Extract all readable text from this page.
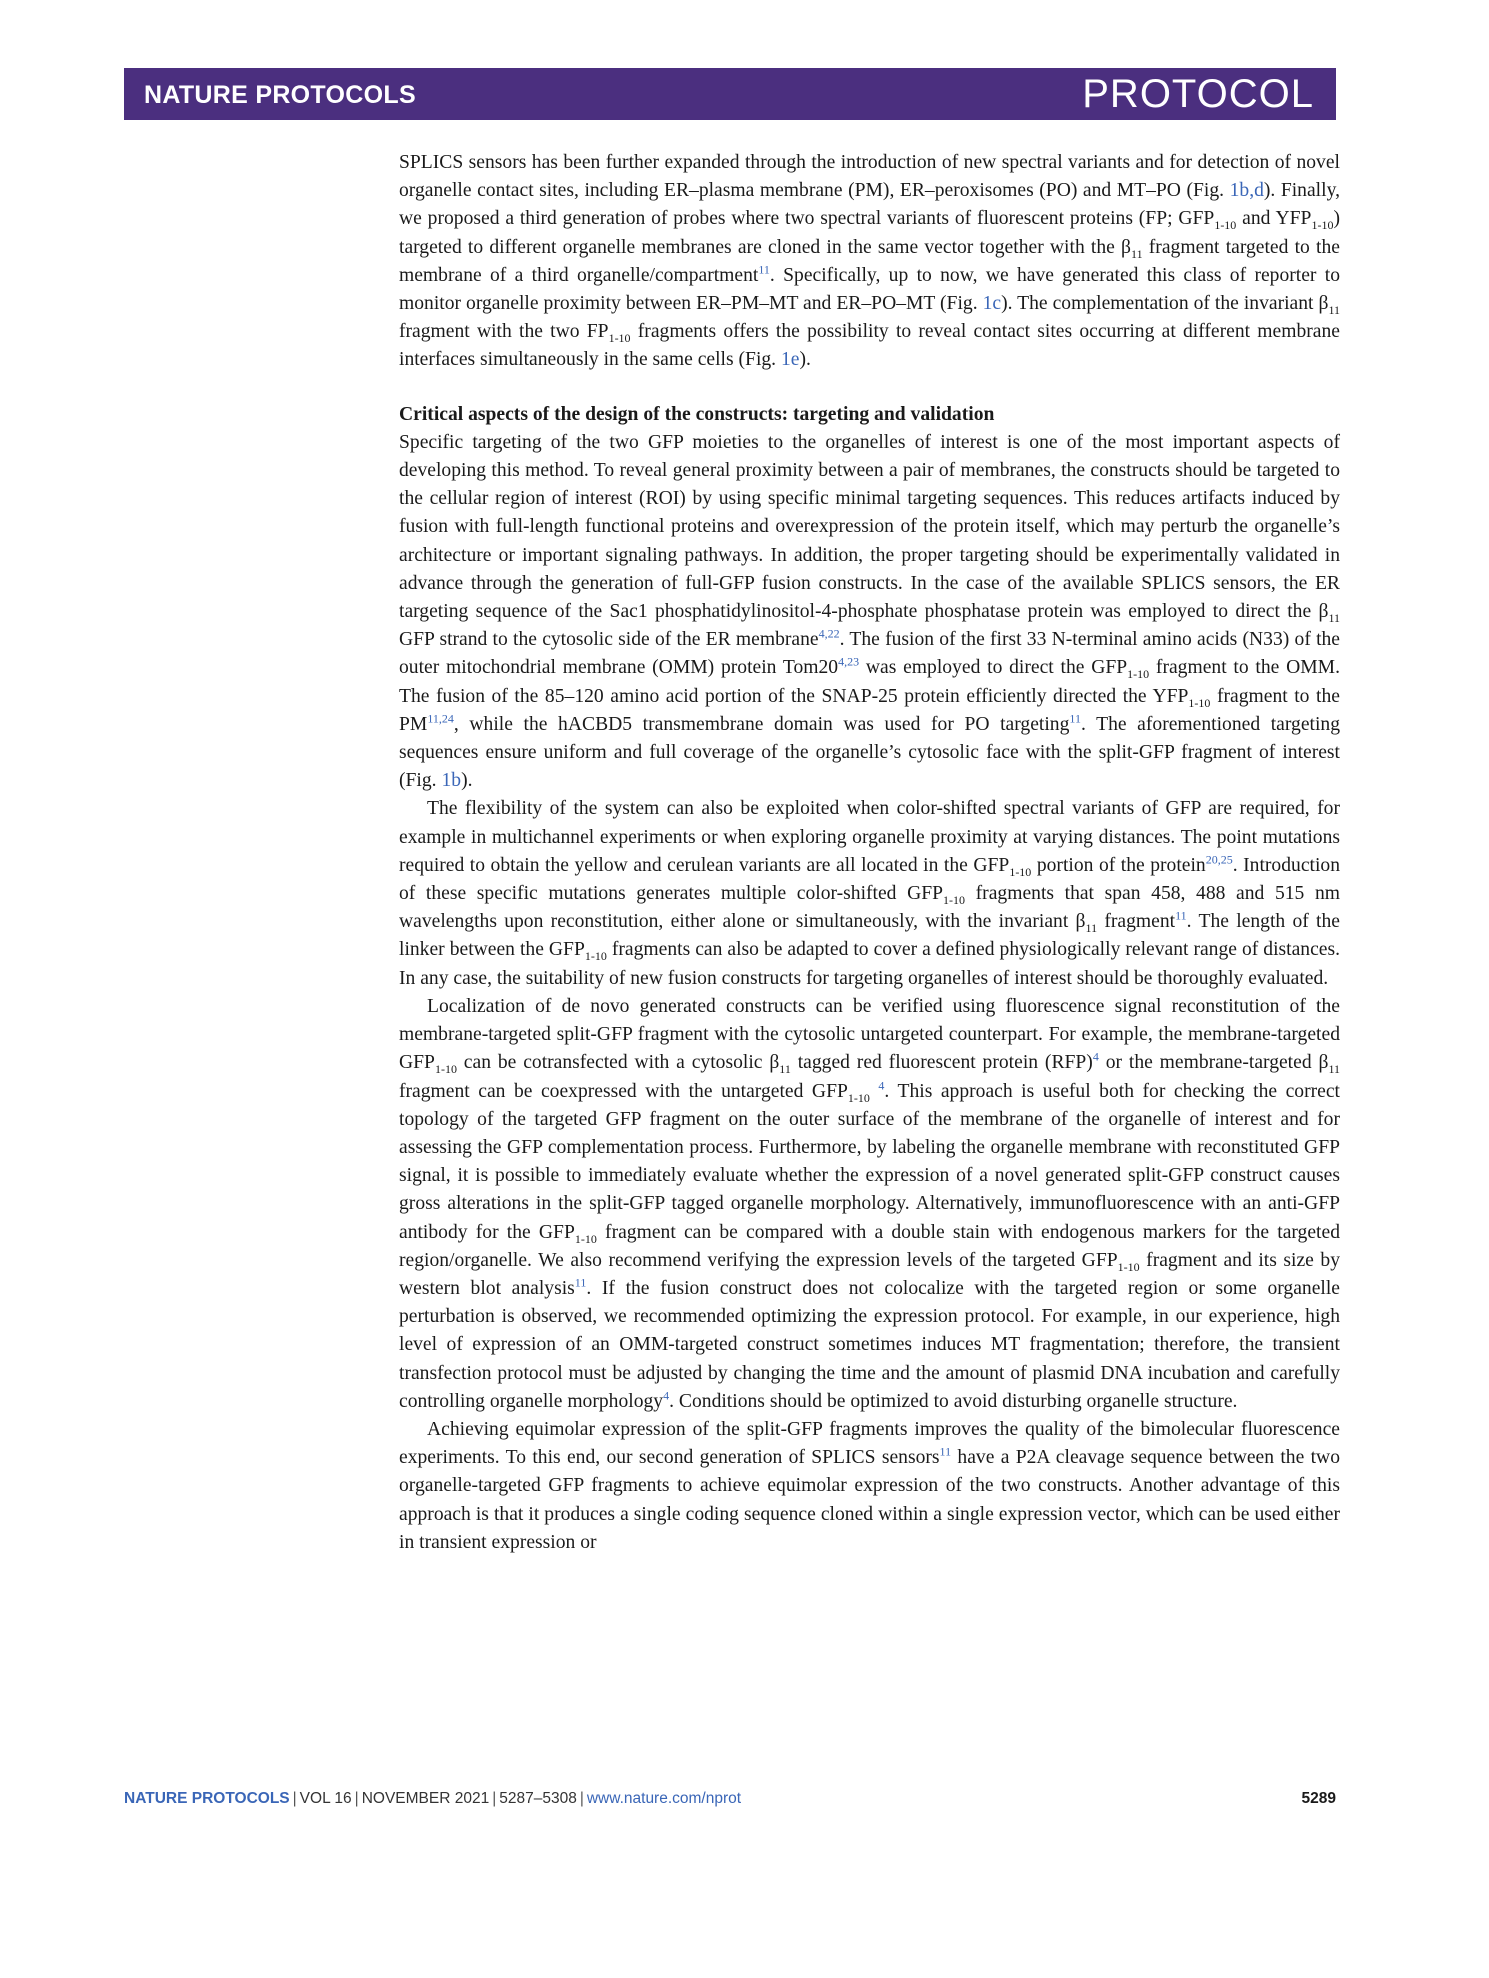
NATURE PROTOCOLS	PROTOCOL

SPLICS sensors has been further expanded through the introduction of new spectral variants and for detection of novel organelle contact sites, including ER–plasma membrane (PM), ER–peroxisomes (PO) and MT–PO (Fig. 1b,d). Finally, we proposed a third generation of probes where two spectral variants of fluorescent proteins (FP; $GFP_{1-10}$ and $YFP_{1-10}$) targeted to different organelle membranes are cloned in the same vector together with the $\beta_{11}$ fragment targeted to the membrane of a third organelle/compartment$^{11}$. Specifically, up to now, we have generated this class of reporter to monitor organelle proximity between ER–PM–MT and ER–PO–MT (Fig. 1c). The complementation of the invariant $\beta_{11}$ fragment with the two $FP_{1-10}$ fragments offers the possibility to reveal contact sites occurring at different membrane interfaces simultaneously in the same cells (Fig. 1e).

Critical aspects of the design of the constructs: targeting and validation

Specific targeting of the two GFP moieties to the organelles of interest is one of the most important aspects of developing this method. To reveal general proximity between a pair of membranes, the constructs should be targeted to the cellular region of interest (ROI) by using specific minimal targeting sequences. This reduces artifacts induced by fusion with full-length functional proteins and overexpression of the protein itself, which may perturb the organelle’s architecture or important signaling pathways. In addition, the proper targeting should be experimentally validated in advance through the generation of full-GFP fusion constructs. In the case of the available SPLICS sensors, the ER targeting sequence of the Sac1 phosphatidylinositol-4-phosphate phosphatase protein was employed to direct the $\beta_{11}$ GFP strand to the cytosolic side of the ER membrane$^{4,22}$. The fusion of the first 33 N-terminal amino acids (N33) of the outer mitochondrial membrane (OMM) protein Tom20$^{4,23}$ was employed to direct the $GFP_{1-10}$ fragment to the OMM. The fusion of the 85–120 amino acid portion of the SNAP-25 protein efficiently directed the $YFP_{1-10}$ fragment to the PM$^{11,24}$, while the hACBD5 transmembrane domain was used for PO targeting$^{11}$. The aforementioned targeting sequences ensure uniform and full coverage of the organelle’s cytosolic face with the split-GFP fragment of interest (Fig. 1b).

The flexibility of the system can also be exploited when color-shifted spectral variants of GFP are required, for example in multichannel experiments or when exploring organelle proximity at varying distances. The point mutations required to obtain the yellow and cerulean variants are all located in the $GFP_{1-10}$ portion of the protein$^{20,25}$. Introduction of these specific mutations generates multiple color-shifted $GFP_{1-10}$ fragments that span 458, 488 and 515 nm wavelengths upon reconstitution, either alone or simultaneously, with the invariant $\beta_{11}$ fragment$^{11}$. The length of the linker between the $GFP_{1-10}$ fragments can also be adapted to cover a defined physiologically relevant range of distances. In any case, the suitability of new fusion constructs for targeting organelles of interest should be thoroughly evaluated.

Localization of de novo generated constructs can be verified using fluorescence signal reconstitution of the membrane-targeted split-GFP fragment with the cytosolic untargeted counterpart. For example, the membrane-targeted $GFP_{1-10}$ can be cotransfected with a cytosolic $\beta_{11}$ tagged red fluorescent protein (RFP)$^4$ or the membrane-targeted $\beta_{11}$ fragment can be coexpressed with the untargeted $GFP_{1-10}$ $^4$. This approach is useful both for checking the correct topology of the targeted GFP fragment on the outer surface of the membrane of the organelle of interest and for assessing the GFP complementation process. Furthermore, by labeling the organelle membrane with reconstituted GFP signal, it is possible to immediately evaluate whether the expression of a novel generated split-GFP construct causes gross alterations in the split-GFP tagged organelle morphology. Alternatively, immunofluorescence with an anti-GFP antibody for the $GFP_{1-10}$ fragment can be compared with a double stain with endogenous markers for the targeted region/organelle. We also recommend verifying the expression levels of the targeted $GFP_{1-10}$ fragment and its size by western blot analysis$^{11}$. If the fusion construct does not colocalize with the targeted region or some organelle perturbation is observed, we recommended optimizing the expression protocol. For example, in our experience, high level of expression of an OMM-targeted construct sometimes induces MT fragmentation; therefore, the transient transfection protocol must be adjusted by changing the time and the amount of plasmid DNA incubation and carefully controlling organelle morphology$^4$. Conditions should be optimized to avoid disturbing organelle structure.

Achieving equimolar expression of the split-GFP fragments improves the quality of the bimolecular fluorescence experiments. To this end, our second generation of SPLICS sensors$^{11}$ have a P2A cleavage sequence between the two organelle-targeted GFP fragments to achieve equimolar expression of the two constructs. Another advantage of this approach is that it produces a single coding sequence cloned within a single expression vector, which can be used either in transient expression or

NATURE PROTOCOLS | VOL 16 | NOVEMBER 2021 | 5287–5308 | www.nature.com/nprot	5289
